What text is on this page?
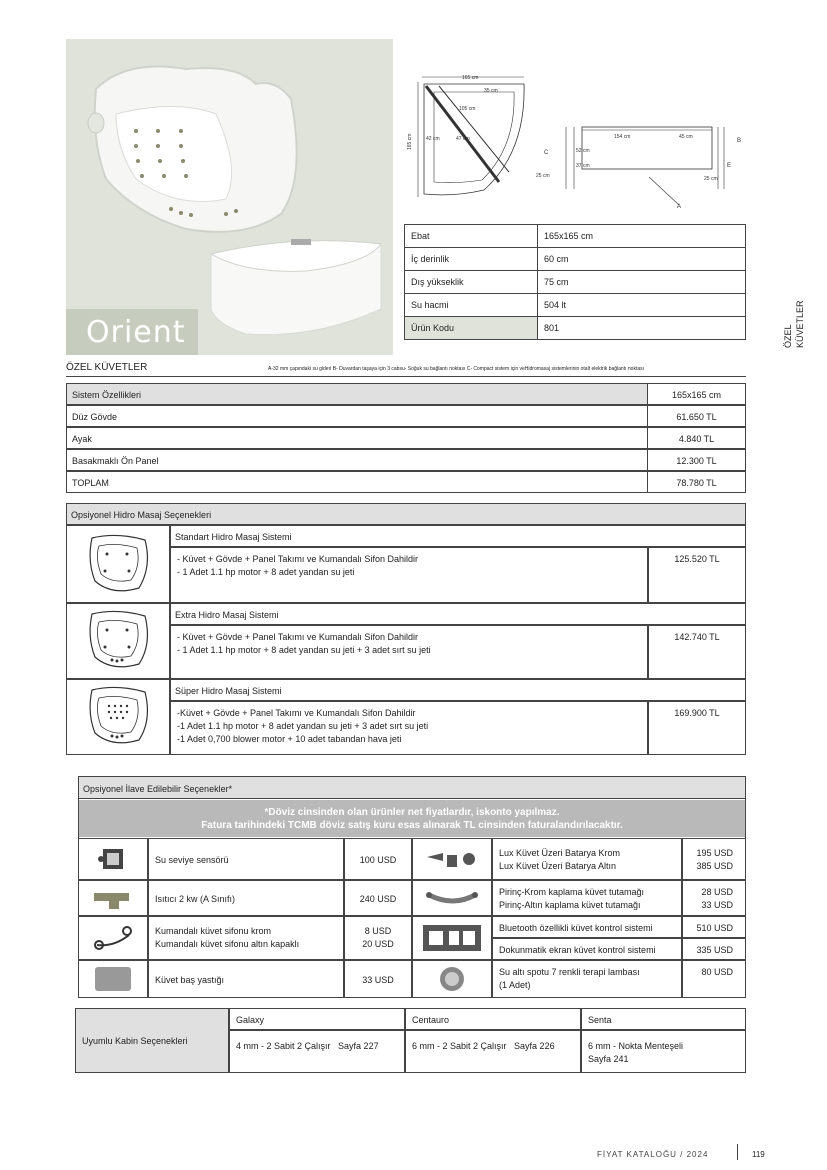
Orient
165 cm
165 cm
35 cm
105 cm
47 cm
42 cm	154 cm	45 cm
52 cm
37 cm
25 cm
25 cm
A
B
C
E
Ebat	165x165 cm
İç derinlik	60 cm
Dış yükseklik	75 cm
Su hacmi	504 lt
Ürün Kodu	801	ÖZEL KÜVETLER
ÖZEL KÜVETLER	A-32 mm çapındaki su gideri B- Duvardan taşaya için 3 cabsu- Soğuk su bağlantı noktası C- Compact sistem için veHidromasaj sistemlerinin otalt elektrik bağlantı noktası
Sistem Özellikleri	165x165 cm
Düz Gövde	61.650 TL
Ayak	4.840 TL
Basakmaklı Ön Panel	12.300 TL
TOPLAM	78.780 TL
Opsiyonel Hidro Masaj Seçenekleri
Standart Hidro Masaj Sistemi
- Küvet + Gövde + Panel Takımı ve Kumandalı Sifon Dahildir
- 1 Adet 1.1 hp motor + 8 adet yandan su jeti
125.520 TL
Extra Hidro Masaj Sistemi
- Küvet + Gövde + Panel Takımı ve Kumandalı Sifon Dahildir
- 1 Adet 1.1 hp motor + 8 adet yandan su jeti + 3 adet sırt su jeti
142.740 TL
Süper Hidro Masaj Sistemi
-Küvet + Gövde + Panel Takımı ve Kumandalı Sifon Dahildir
-1 Adet 1.1 hp motor + 8 adet yandan su jeti + 3 adet sırt su jeti
-1 Adet 0,700 blower motor + 10 adet tabandan hava jeti
169.900 TL
Opsiyonel İlave Edilebilir Seçenekler*
*Döviz cinsinden olan ürünler net fiyatlardır, iskonto yapılmaz.
Fatura tarihindeki TCMB döviz satış kuru esas alınarak TL cinsinden faturalandırılacaktır.
Su seviye sensörü	100 USD
Isıtıcı 2 kw (A Sınıfı)	240 USD
Kumandalı küvet sifonu krom
Kumandalı küvet sifonu altın kapaklı
8 USD
20 USD
Küvet baş yastığı	33 USD
Lux Küvet Üzeri Batarya Krom
Lux Küvet Üzeri Batarya Altın
195 USD
385 USD
Pirinç-Krom kaplama küvet tutamağı
Pirinç-Altın kaplama küvet tutamağı
28 USD
33 USD
Bluetooth özellikli küvet kontrol sistemi	510 USD
Dokunmatik ekran küvet kontrol sistemi	335 USD
Su altı spotu 7 renkli terapi lambası
(1 Adet)
80 USD
Uyumlu Kabin Seçenekleri
Galaxy	Centauro	Senta
4 mm - 2 Sabit 2 Çalışır Sayfa 227	6 mm - 2 Sabit 2 Çalışır Sayfa 226	6 mm - Nokta Menteşeli
Sayfa 241
FİYAT KATALOĞU / 2024	119
